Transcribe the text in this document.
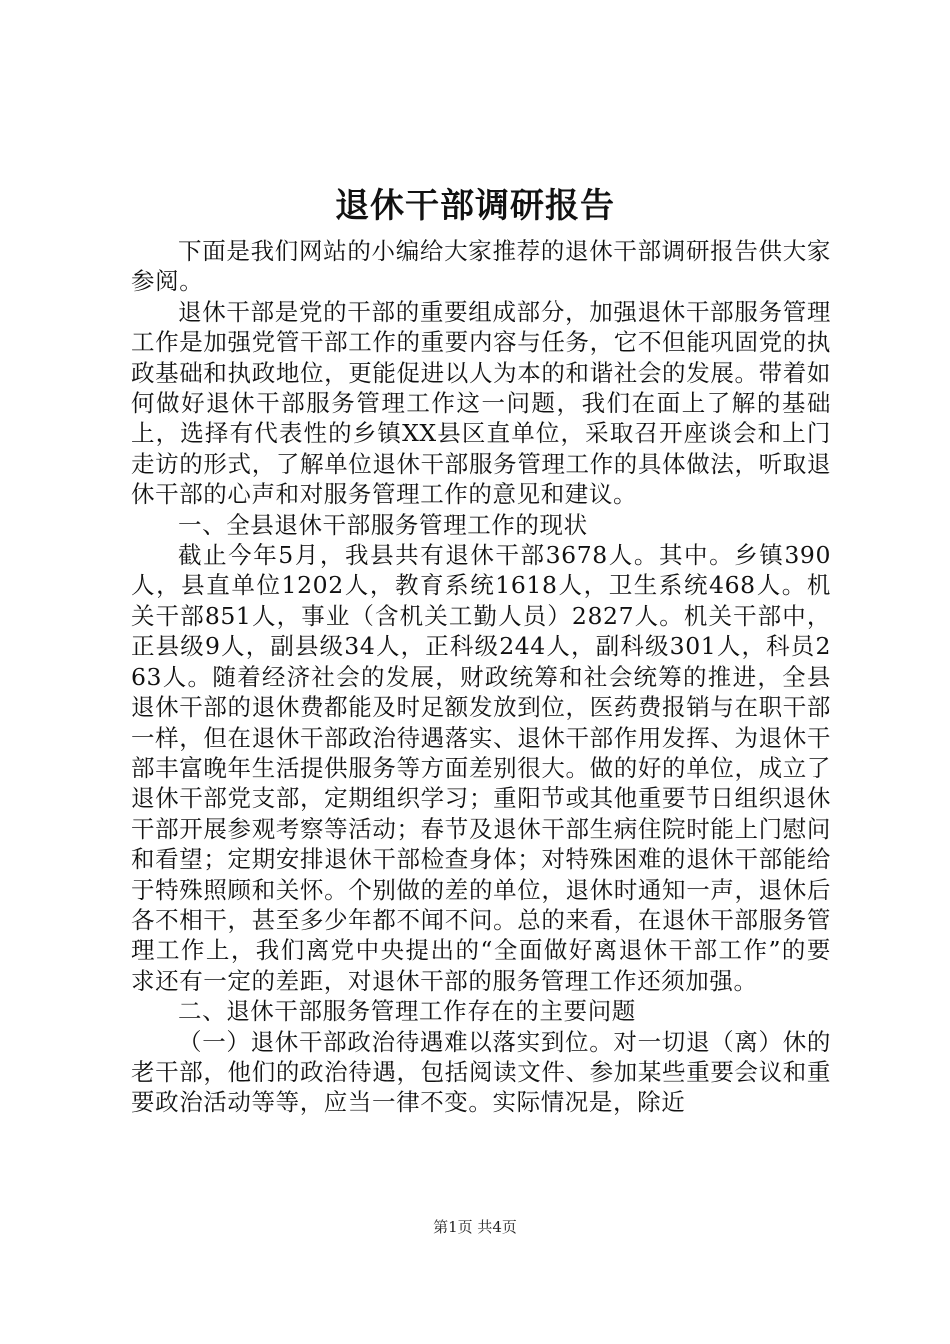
退休干部调研报告

下面是我们网站的小编给大家推荐的退休干部调研报告供大家参阅。

退休干部是党的干部的重要组成部分，加强退休干部服务管理工作是加强党管干部工作的重要内容与任务，它不但能巩固党的执政基础和执政地位，更能促进以人为本的和谐社会的发展。带着如何做好退休干部服务管理工作这一问题，我们在面上了解的基础上，选择有代表性的乡镇XX县区直单位，采取召开座谈会和上门走访的形式，了解单位退休干部服务管理工作的具体做法，听取退休干部的心声和对服务管理工作的意见和建议。

一、全县退休干部服务管理工作的现状

截止今年5月，我县共有退休干部3678人。其中。乡镇390人，县直单位1202人，教育系统1618人，卫生系统468人。机关干部851人，事业（含机关工勤人员）2827人。机关干部中，正县级9人，副县级34人，正科级244人，副科级301人，科员263人。随着经济社会的发展，财政统筹和社会统筹的推进，全县退休干部的退休费都能及时足额发放到位，医药费报销与在职干部一样，但在退休干部政治待遇落实、退休干部作用发挥、为退休干部丰富晚年生活提供服务等方面差别很大。做的好的单位，成立了退休干部党支部，定期组织学习；重阳节或其他重要节日组织退休干部开展参观考察等活动；春节及退休干部生病住院时能上门慰问和看望；定期安排退休干部检查身体；对特殊困难的退休干部能给于特殊照顾和关怀。个别做的差的单位，退休时通知一声，退休后各不相干，甚至多少年都不闻不问。总的来看，在退休干部服务管理工作上，我们离党中央提出的“全面做好离退休干部工作”的要求还有一定的差距，对退休干部的服务管理工作还须加强。

二、退休干部服务管理工作存在的主要问题

（一）退休干部政治待遇难以落实到位。对一切退（离）休的老干部，他们的政治待遇，包括阅读文件、参加某些重要会议和重要政治活动等等，应当一律不变。实际情况是，除近

第1页 共4页
